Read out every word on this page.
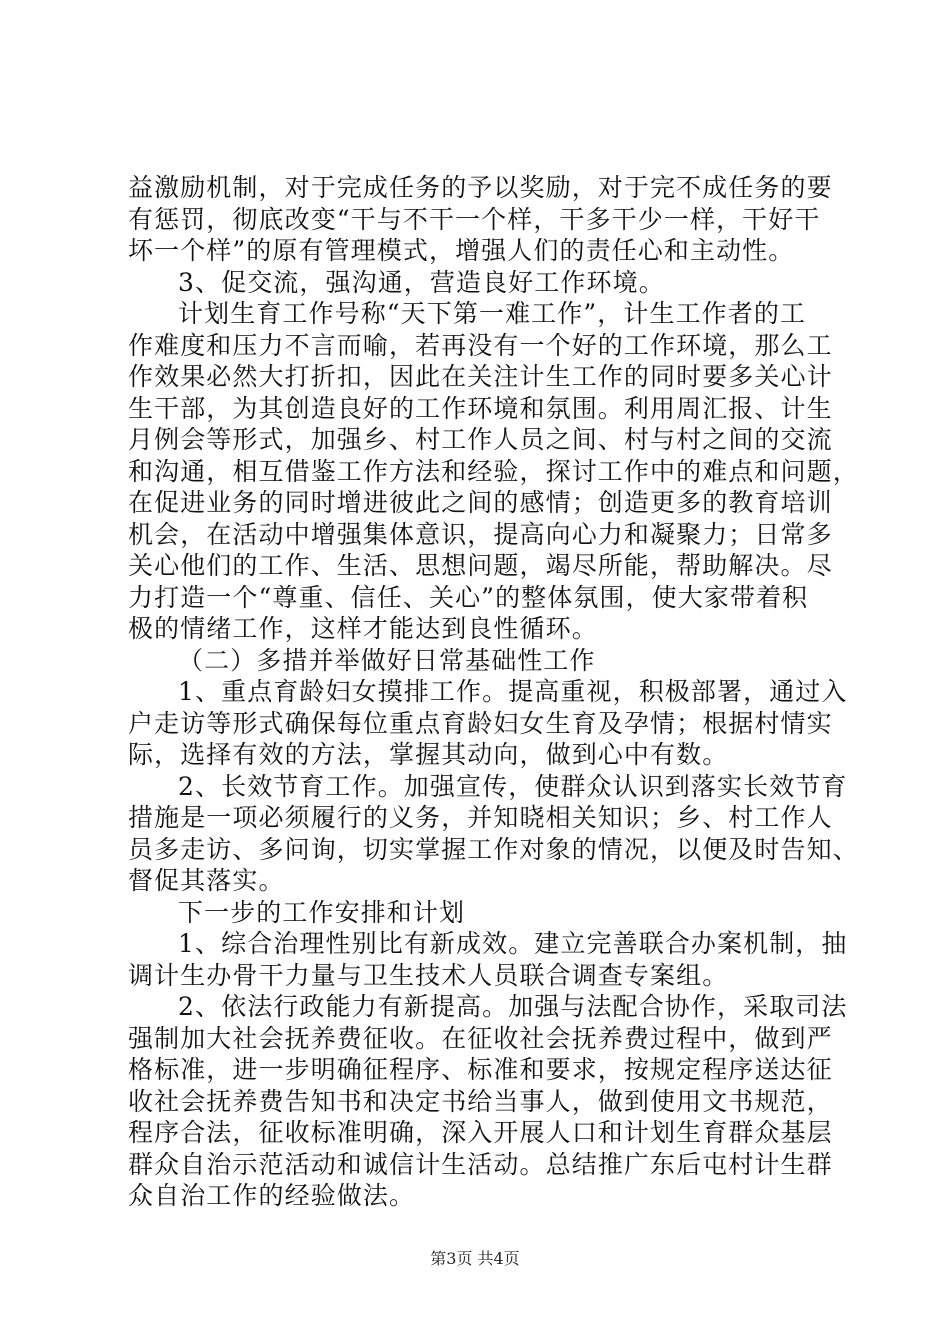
益激励机制，对于完成任务的予以奖励，对于完不成任务的要
有惩罚，彻底改变“干与不干一个样，干多干少一样，干好干
坏一个样”的原有管理模式，增强人们的责任心和主动性。
3、促交流，强沟通，营造良好工作环境。
计划生育工作号称“天下第一难工作”，计生工作者的工
作难度和压力不言而喻，若再没有一个好的工作环境，那么工
作效果必然大打折扣，因此在关注计生工作的同时要多关心计
生干部，为其创造良好的工作环境和氛围。利用周汇报、计生
月例会等形式，加强乡、村工作人员之间、村与村之间的交流
和沟通，相互借鉴工作方法和经验，探讨工作中的难点和问题，
在促进业务的同时增进彼此之间的感情；创造更多的教育培训
机会，在活动中增强集体意识，提高向心力和凝聚力；日常多
关心他们的工作、生活、思想问题，竭尽所能，帮助解决。尽
力打造一个“尊重、信任、关心”的整体氛围，使大家带着积
极的情绪工作，这样才能达到良性循环。
（二）多措并举做好日常基础性工作
1、重点育龄妇女摸排工作。提高重视，积极部署，通过入
户走访等形式确保每位重点育龄妇女生育及孕情；根据村情实
际，选择有效的方法，掌握其动向，做到心中有数。
2、长效节育工作。加强宣传，使群众认识到落实长效节育
措施是一项必须履行的义务，并知晓相关知识；乡、村工作人
员多走访、多问询，切实掌握工作对象的情况，以便及时告知、
督促其落实。
下一步的工作安排和计划
1、综合治理性别比有新成效。建立完善联合办案机制，抽
调计生办骨干力量与卫生技术人员联合调查专案组。
2、依法行政能力有新提高。加强与法配合协作，采取司法
强制加大社会抚养费征收。在征收社会抚养费过程中，做到严
格标准，进一步明确征程序、标准和要求，按规定程序送达征
收社会抚养费告知书和决定书给当事人，做到使用文书规范，
程序合法，征收标准明确，深入开展人口和计划生育群众基层
群众自治示范活动和诚信计生活动。总结推广东后屯村计生群
众自治工作的经验做法。
第3页 共4页
